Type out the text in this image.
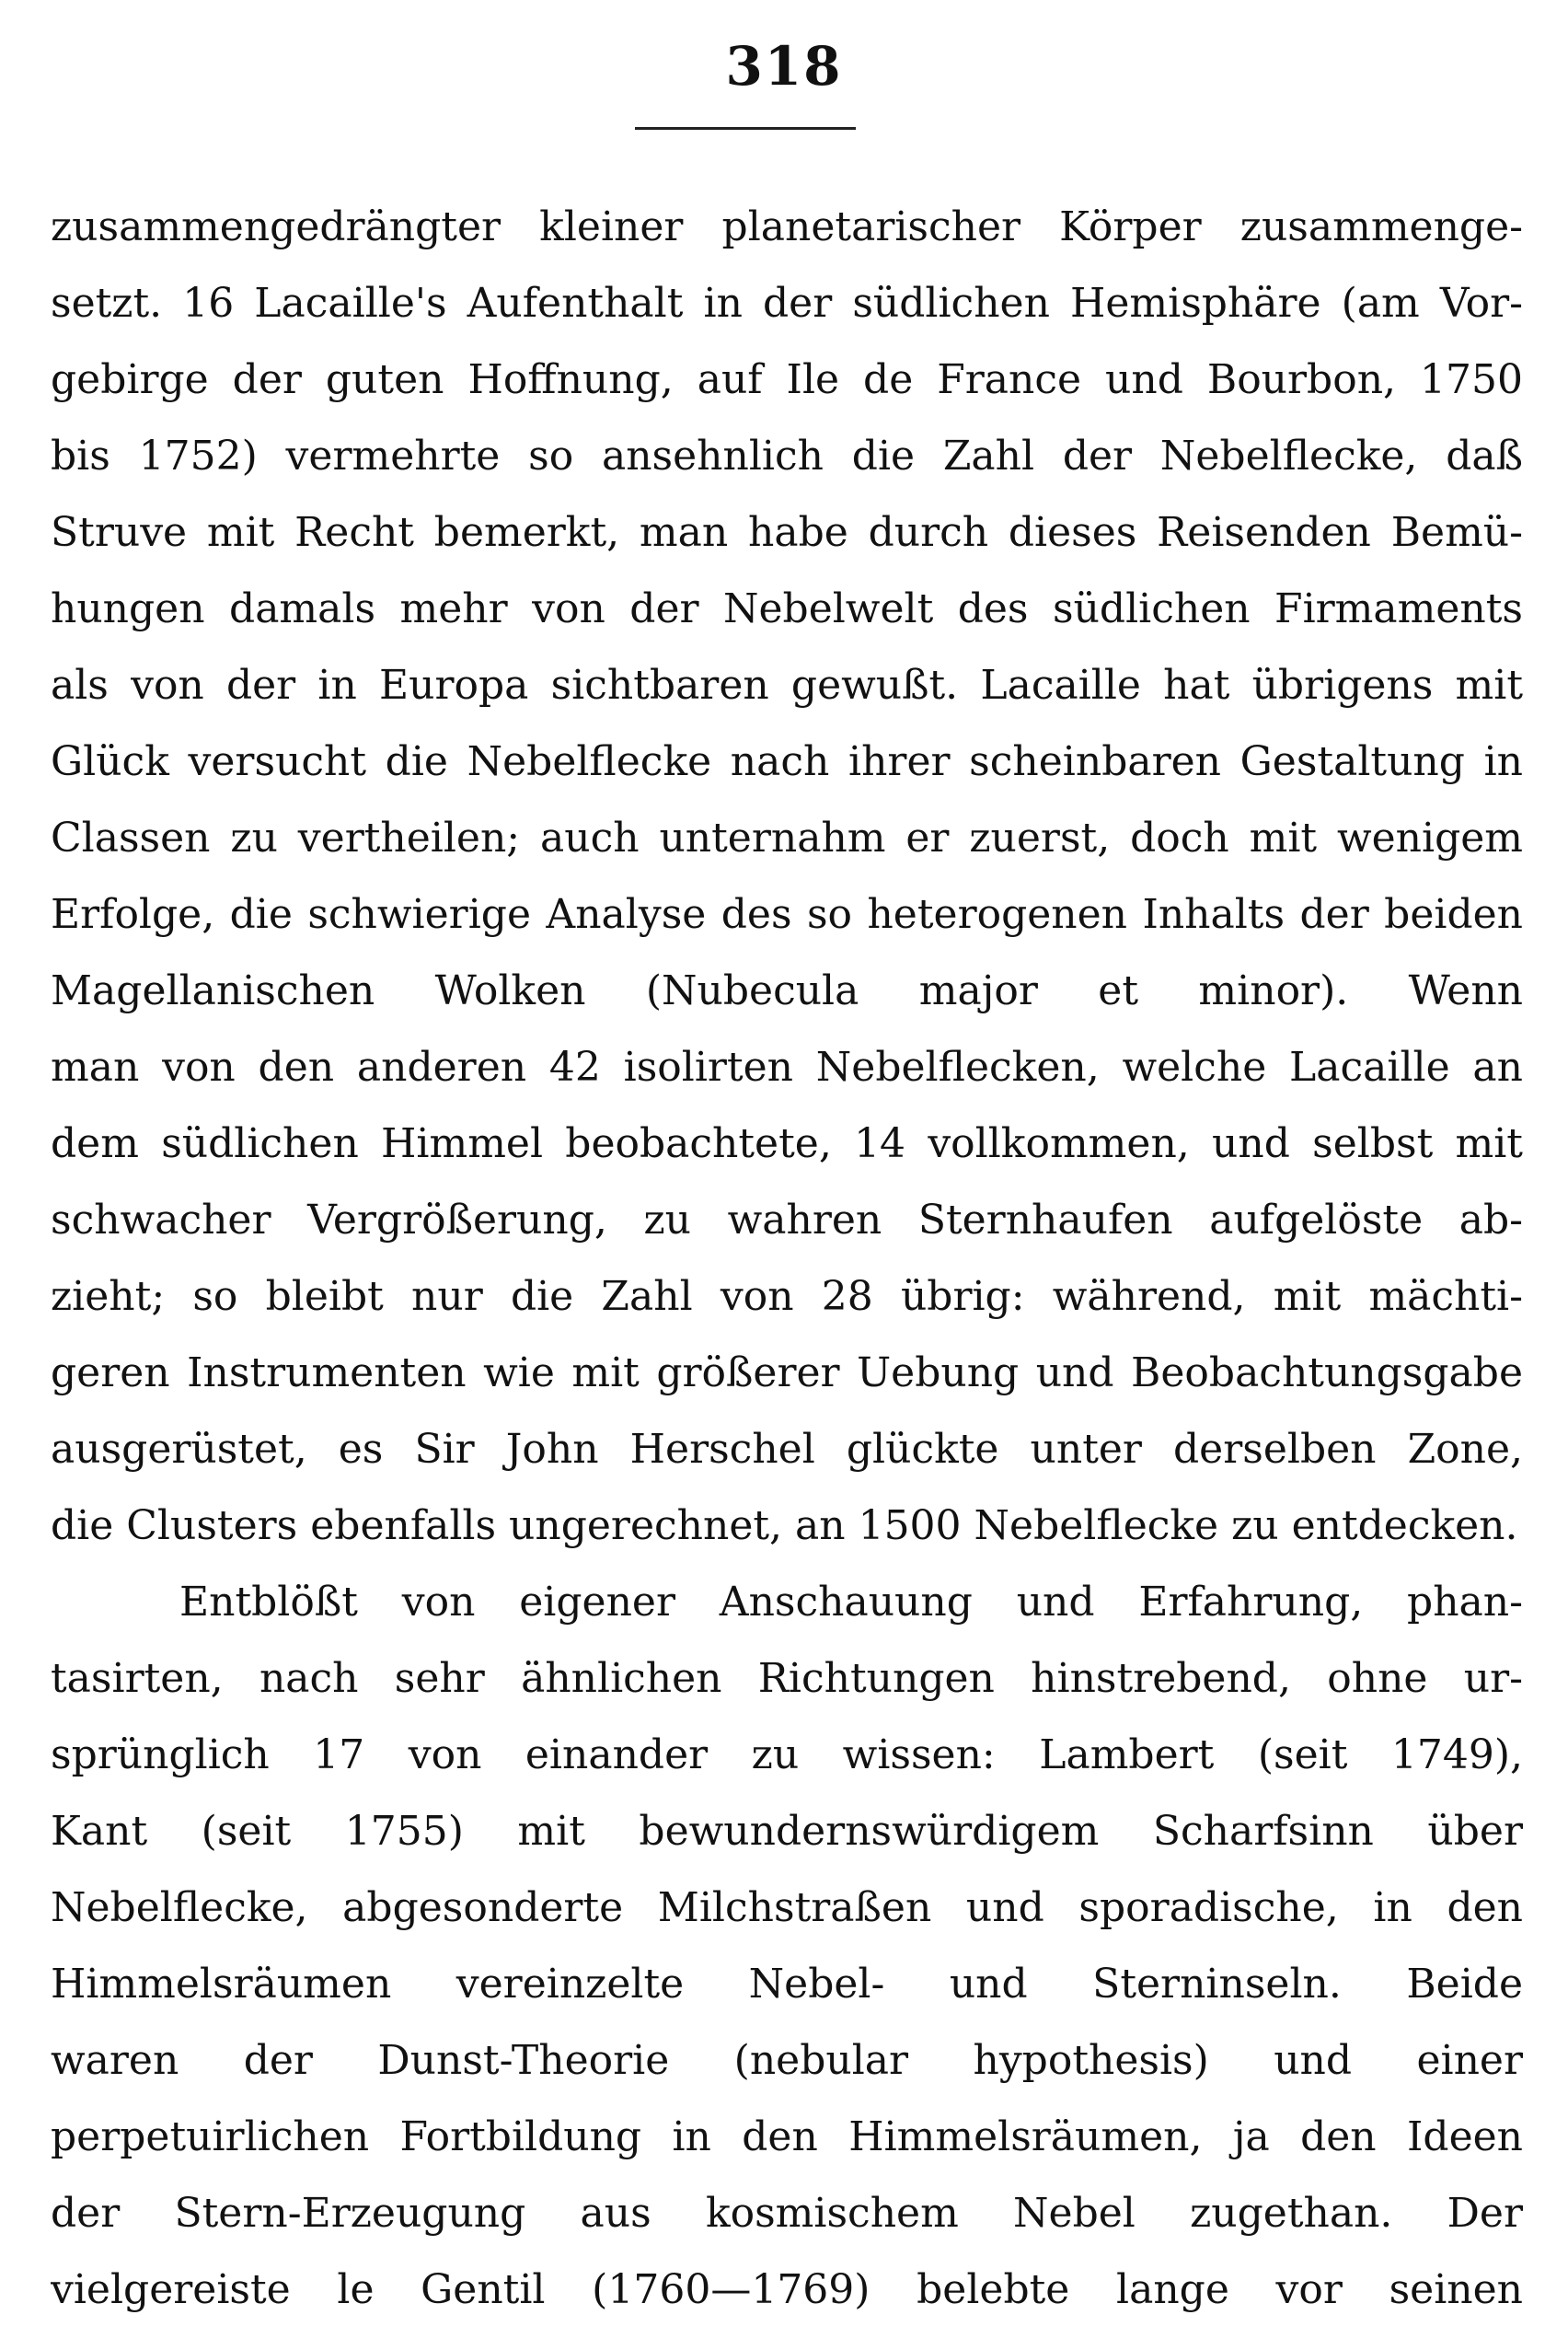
318
zusammengedrängter kleiner planetarischer Körper zusammenge-
setzt. 16 Lacaille's Aufenthalt in der südlichen Hemisphäre (am Vor-
gebirge der guten Hoffnung, auf Ile de France und Bourbon, 1750
bis 1752) vermehrte so ansehnlich die Zahl der Nebelflecke, daß
Struve mit Recht bemerkt, man habe durch dieses Reisenden Bemü-
hungen damals mehr von der Nebelwelt des südlichen Firmaments
als von der in Europa sichtbaren gewußt. Lacaille hat übrigens mit
Glück versucht die Nebelflecke nach ihrer scheinbaren Gestaltung in
Classen zu vertheilen; auch unternahm er zuerst, doch mit wenigem
Erfolge, die schwierige Analyse des so heterogenen Inhalts der beiden
Magellanischen Wolken (Nubecula major et minor). Wenn
man von den anderen 42 isolirten Nebelflecken, welche Lacaille an
dem südlichen Himmel beobachtete, 14 vollkommen, und selbst mit
schwacher Vergrößerung, zu wahren Sternhaufen aufgelöste ab-
zieht; so bleibt nur die Zahl von 28 übrig: während, mit mächti-
geren Instrumenten wie mit größerer Uebung und Beobachtungsgabe
ausgerüstet, es Sir John Herschel glückte unter derselben Zone,
die Clusters ebenfalls ungerechnet, an 1500 Nebelflecke zu entdecken.
Entblößt von eigener Anschauung und Erfahrung, phan-
tasirten, nach sehr ähnlichen Richtungen hinstrebend, ohne ur-
sprünglich 17 von einander zu wissen: Lambert (seit 1749),
Kant (seit 1755) mit bewundernswürdigem Scharfsinn über
Nebelflecke, abgesonderte Milchstraßen und sporadische, in den
Himmelsräumen vereinzelte Nebel- und Sterninseln. Beide
waren der Dunst-Theorie (nebular hypothesis) und einer
perpetuirlichen Fortbildung in den Himmelsräumen, ja den Ideen
der Stern-Erzeugung aus kosmischem Nebel zugethan. Der
vielgereiste le Gentil (1760—1769) belebte lange vor seinen
